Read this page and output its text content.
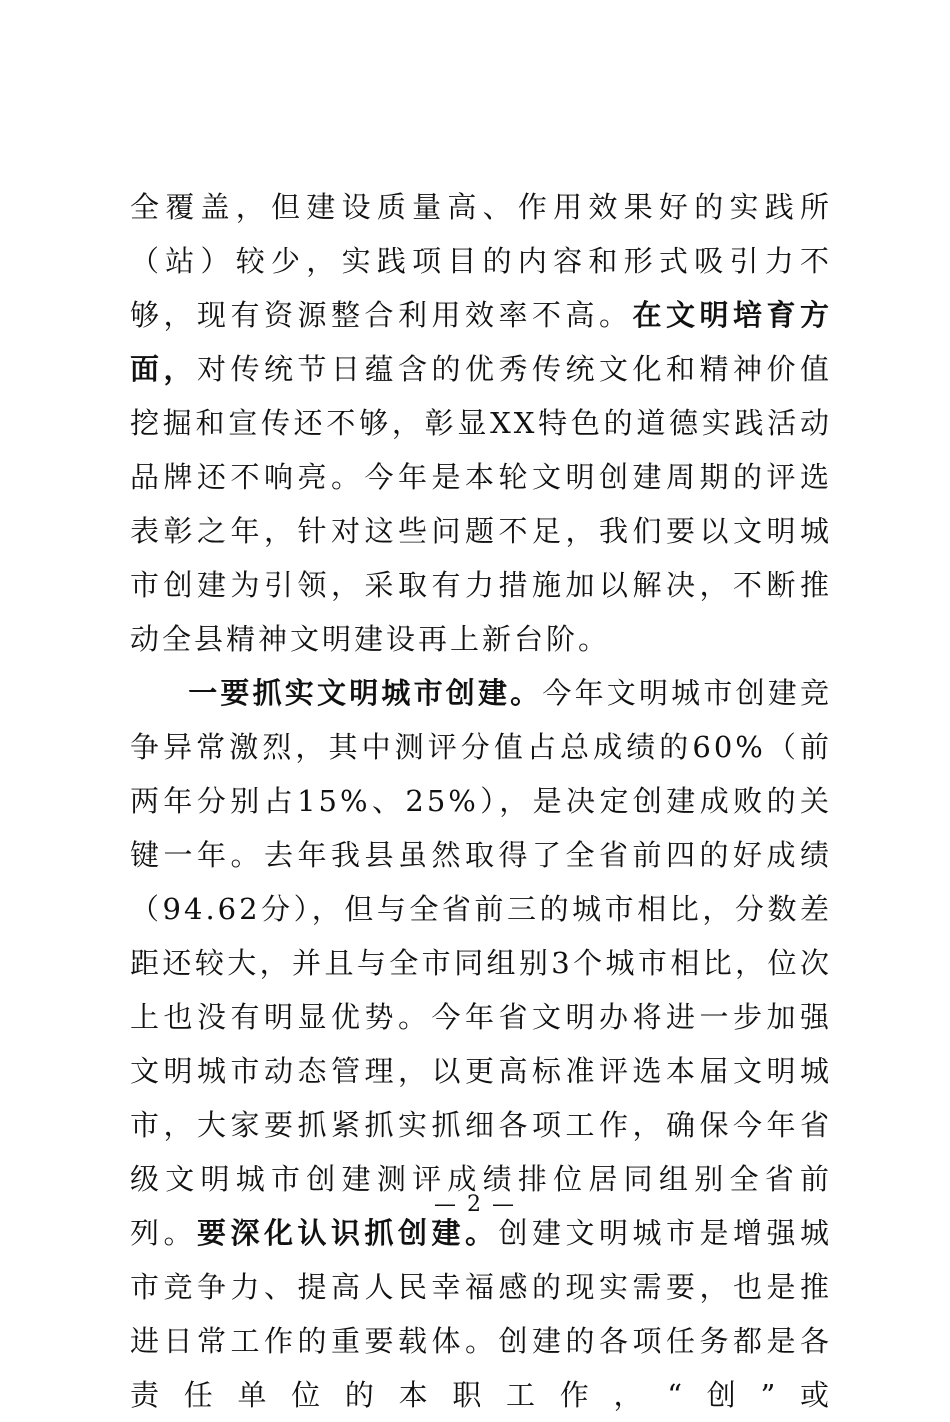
全覆盖，但建设质量高、作用效果好的实践所（站）较少，实践项目的内容和形式吸引力不够，现有资源整合利用效率不高。在文明培育方面，对传统节日蕴含的优秀传统文化和精神价值挖掘和宣传还不够，彰显XX特色的道德实践活动品牌还不响亮。今年是本轮文明创建周期的评选表彰之年，针对这些问题不足，我们要以文明城市创建为引领，采取有力措施加以解决，不断推动全县精神文明建设再上新台阶。

一要抓实文明城市创建。今年文明城市创建竞争异常激烈，其中测评分值占总成绩的60%（前两年分别占15%、25%），是决定创建成败的关键一年。去年我县虽然取得了全省前四的好成绩（94.62分），但与全省前三的城市相比，分数差距还较大，并且与全市同组别3个城市相比，位次上也没有明显优势。今年省文明办将进一步加强文明城市动态管理，以更高标准评选本届文明城市，大家要抓紧抓实抓细各项工作，确保今年省级文明城市创建测评成绩排位居同组别全省前列。要深化认识抓创建。创建文明城市是增强城市竞争力、提高人民幸福感的现实需要，也是推进日常工作的重要载体。创建的各项任务都是各责任单位的本职工作，“创”或

— 2 —
